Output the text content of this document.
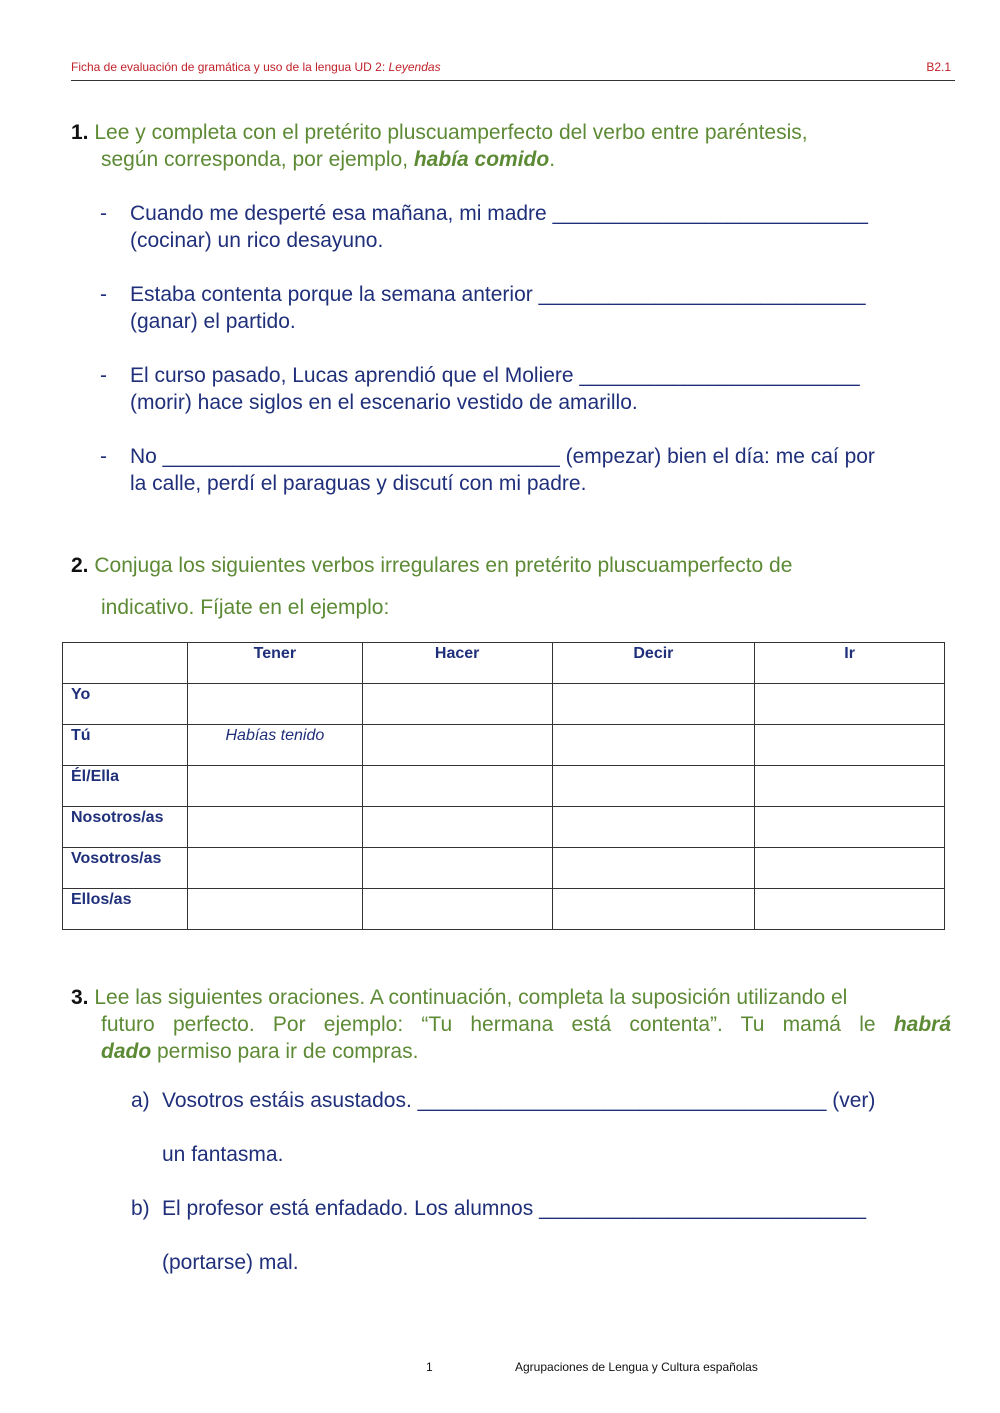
Ficha de evaluación de gramática y uso de la lengua UD 2: Leyendas	B2.1
1. Lee y completa con el pretérito pluscuamperfecto del verbo entre paréntesis,
según corresponda, por ejemplo, había comido.
- Cuando me desperté esa mañana, mi madre ___________________________
(cocinar) un rico desayuno.
- Estaba contenta porque la semana anterior ____________________________
(ganar) el partido.
- El curso pasado, Lucas aprendió que el Moliere ________________________
(morir) hace siglos en el escenario vestido de amarillo.
- No __________________________________ (empezar) bien el día: me caí por
la calle, perdí el paraguas y discutí con mi padre.
2. Conjuga los siguientes verbos irregulares en pretérito pluscuamperfecto de
indicativo. Fíjate en el ejemplo:
	Tener	Hacer	Decir	Ir
Yo				
Tú	Habías tenido			
Él/Ella				
Nosotros/as				
Vosotros/as				
Ellos/as				
3. Lee las siguientes oraciones. A continuación, completa la suposición utilizando el
futuro perfecto. Por ejemplo: “Tu hermana está contenta”. Tu mamá le habrá
dado permiso para ir de compras.
a) Vosotros estáis asustados. ___________________________________ (ver)
un fantasma.
b) El profesor está enfadado. Los alumnos ____________________________
(portarse) mal.
1	Agrupaciones de Lengua y Cultura españolas
